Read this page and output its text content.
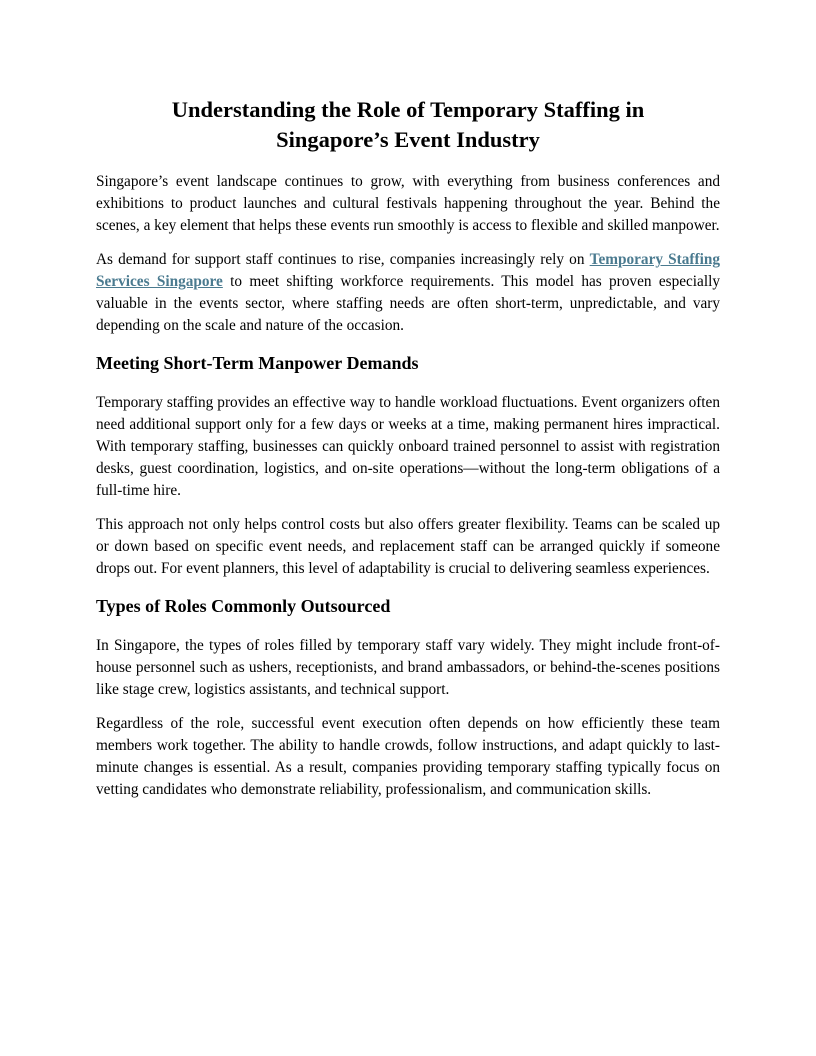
Understanding the Role of Temporary Staffing in
Singapore’s Event Industry

Singapore’s event landscape continues to grow, with everything from business conferences and exhibitions to product launches and cultural festivals happening throughout the year. Behind the scenes, a key element that helps these events run smoothly is access to flexible and skilled manpower.

As demand for support staff continues to rise, companies increasingly rely on Temporary Staffing Services Singapore to meet shifting workforce requirements. This model has proven especially valuable in the events sector, where staffing needs are often short-term, unpredictable, and vary depending on the scale and nature of the occasion.

Meeting Short-Term Manpower Demands

Temporary staffing provides an effective way to handle workload fluctuations. Event organizers often need additional support only for a few days or weeks at a time, making permanent hires impractical. With temporary staffing, businesses can quickly onboard trained personnel to assist with registration desks, guest coordination, logistics, and on-site operations—without the long-term obligations of a full-time hire.

This approach not only helps control costs but also offers greater flexibility. Teams can be scaled up or down based on specific event needs, and replacement staff can be arranged quickly if someone drops out. For event planners, this level of adaptability is crucial to delivering seamless experiences.

Types of Roles Commonly Outsourced

In Singapore, the types of roles filled by temporary staff vary widely. They might include front-of-house personnel such as ushers, receptionists, and brand ambassadors, or behind-the-scenes positions like stage crew, logistics assistants, and technical support.

Regardless of the role, successful event execution often depends on how efficiently these team members work together. The ability to handle crowds, follow instructions, and adapt quickly to last-minute changes is essential. As a result, companies providing temporary staffing typically focus on vetting candidates who demonstrate reliability, professionalism, and communication skills.
